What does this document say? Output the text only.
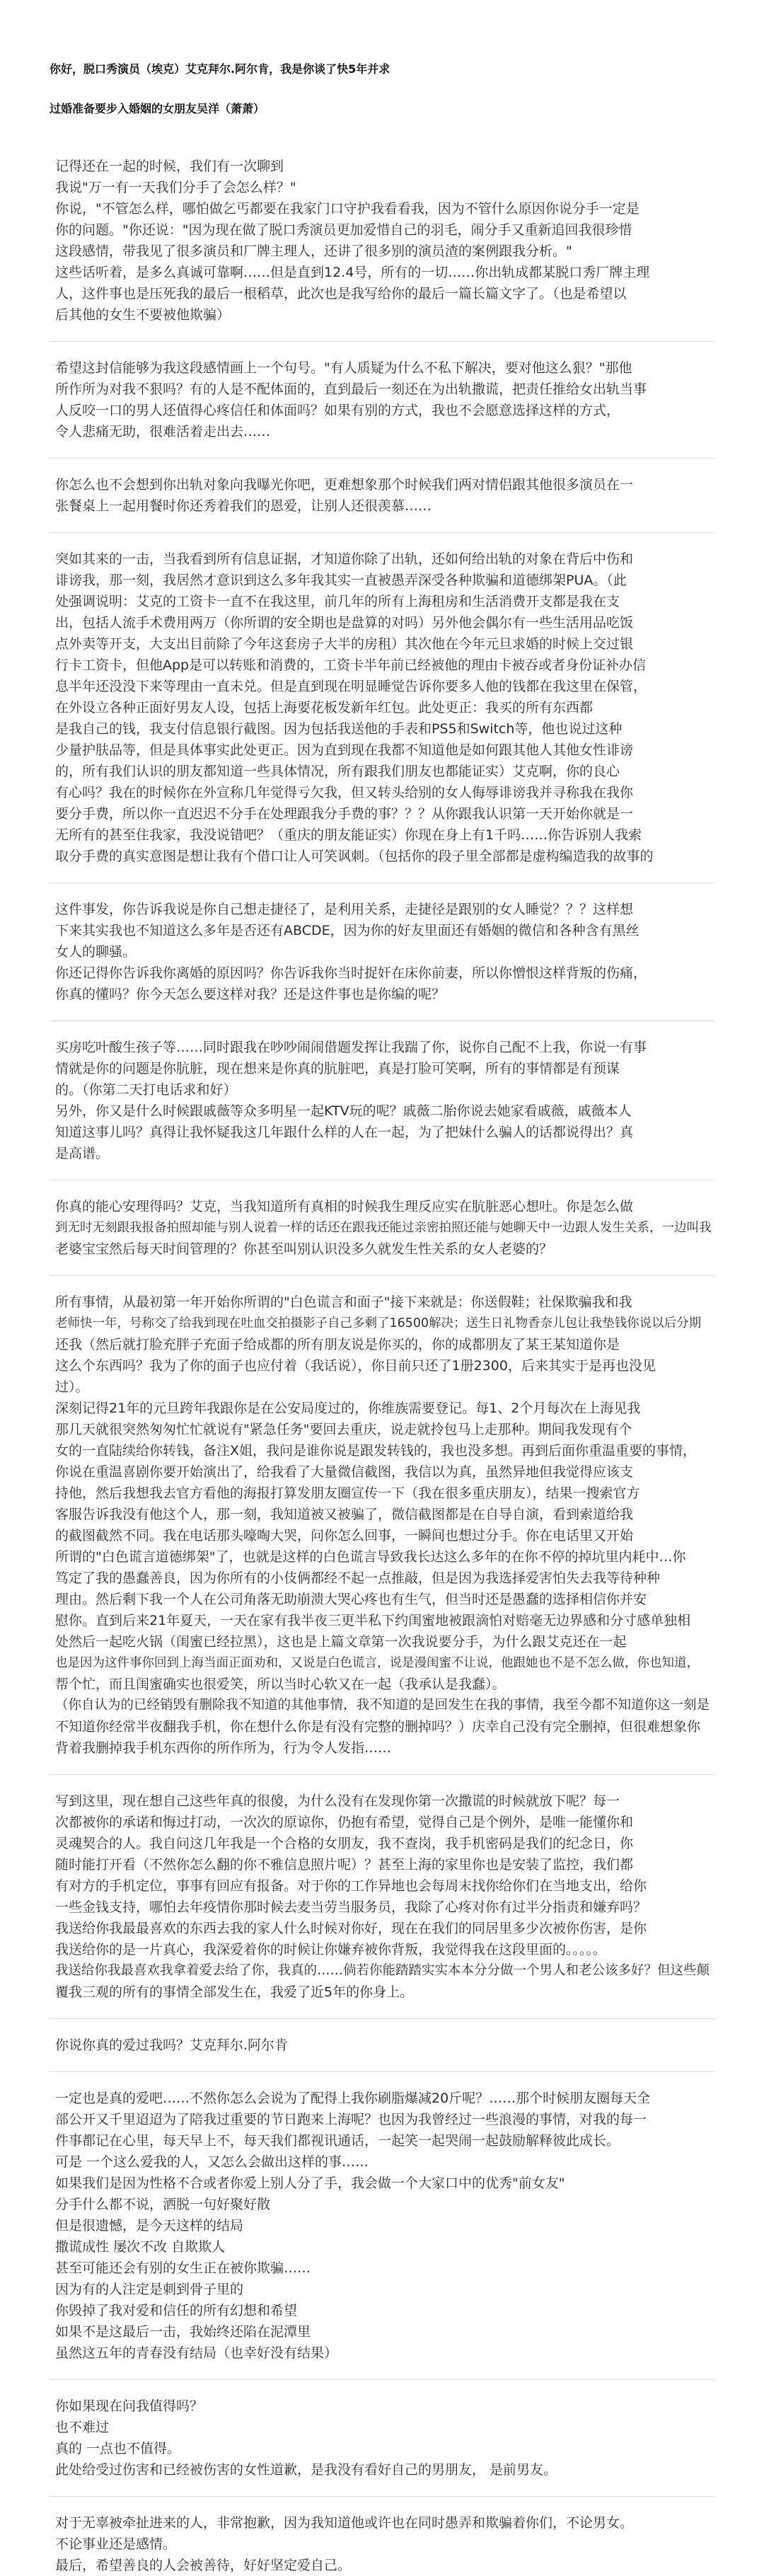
你好，脱口秀演员（埃克）艾克拜尔.阿尔肯，我是你谈了快5年并求
过婚准备要步入婚姻的女朋友吴洋（萧萧）
记得还在一起的时候，我们有一次聊到
我说"万一有一天我们分手了会怎么样？"
你说，"不管怎么样，哪怕做乞丐都要在我家门口守护我看看我，因为不管什么原因你说分手一定是
你的问题。"你还说："因为现在做了脱口秀演员更加爱惜自己的羽毛，闹分手又重新追回我很珍惜
这段感情，带我见了很多演员和厂牌主理人，还讲了很多别的演员渣的案例跟我分析。"
这些话听着，是多么真诚可靠啊……但是直到12.4号，所有的一切……你出轨成都某脱口秀厂牌主理
人，这件事也是压死我的最后一根稻草，此次也是我写给你的最后一篇长篇文字了。（也是希望以
后其他的女生不要被他欺骗）
希望这封信能够为我这段感情画上一个句号。"有人质疑为什么不私下解决，要对他这么狠？"那他
所作所为对我不狠吗？有的人是不配体面的，直到最后一刻还在为出轨撒谎，把责任推给女出轨当事
人反咬一口的男人还值得心疼信任和体面吗？如果有别的方式，我也不会愿意选择这样的方式，
令人悲痛无助，很难活着走出去……
你怎么也不会想到你出轨对象向我曝光你吧，更难想象那个时候我们两对情侣跟其他很多演员在一
张餐桌上一起用餐时你还秀着我们的恩爱，让别人还很羡慕……
突如其来的一击，当我看到所有信息证据，才知道你除了出轨，还如何给出轨的对象在背后中伤和
诽谤我，那一刻，我居然才意识到这么多年我其实一直被愚弄深受各种欺骗和道德绑架PUA。（此
处强调说明：艾克的工资卡一直不在我这里，前几年的所有上海租房和生活消费开支都是我在支
出，包括人流手术费用两万（你所谓的安全期也是盘算的对吗）另外他会偶尔有一些生活用品吃饭
点外卖等开支，大支出目前除了今年这套房子大半的房租）其次他在今年元旦求婚的时候上交过银
行卡工资卡，但他App是可以转账和消费的，工资卡半年前已经被他的理由卡被吞或者身份证补办信
息半年还没没下来等理由一直未兑。但是直到现在明显睡觉告诉你要多人他的钱都在我这里在保管，
在外设立各种正面好男友人设，包括上海要花板发新年红包。此处更正：我买的所有东西都
是我自己的钱，我支付信息银行截图。因为包括我送他的手表和PS5和Switch等，他也说过这种
少量护肤品等，但是具体事实此处更正。因为直到现在我都不知道他是如何跟其他人其他女性诽谤
的，所有我们认识的朋友都知道一些具体情况，所有跟我们朋友也都能证实）艾克啊，你的良心
有心吗？我在的时候你在外宣称几年觉得亏欠我，但又转头给别的女人侮辱诽谤我并寻称我在我你
要分手费，所以你一直迟迟不分手在处理跟我分手费的事？？？从你跟我认识第一天开始你就是一
无所有的甚至住我家，我没说错吧？（重庆的朋友能证实）你现在身上有1千吗……你告诉别人我索
取分手费的真实意图是想让我有个借口让人可笑讽刺。（包括你的段子里全部都是虚构编造我的故事的
这件事发，你告诉我说是你自己想走捷径了，是利用关系，走捷径是跟别的女人睡觉？？？这样想
下来其实我也不知道这么多年是否还有ABCDE，因为你的好友里面还有婚姻的微信和各种含有黑丝
女人的聊骚。
你还记得你告诉我你离婚的原因吗？你告诉我你当时捉奸在床你前妻，所以你憎恨这样背叛的伤痛，
你真的懂吗？你今天怎么要这样对我？还是这件事也是你编的呢？
买房吃叶酸生孩子等……同时跟我在吵吵闹闹借题发挥让我踹了你，说你自己配不上我，你说一有事
情就是你的问题是你肮脏，现在想来是你真的肮脏吧，真是打脸可笑啊，所有的事情都是有预谋
的。（你第二天打电话求和好）
另外，你又是什么时候跟戚薇等众多明星一起KTV玩的呢？戚薇二胎你说去她家看戚薇，戚薇本人
知道这事儿吗？真得让我怀疑我这几年跟什么样的人在一起，为了把妹什么骗人的话都说得出？真
是高谱。
你真的能心安理得吗？艾克，当我知道所有真相的时候我生理反应实在肮脏恶心想吐。你是怎么做
到无时无刻跟我报备拍照却能与别人说着一样的话还在跟我还能过亲密拍照还能与她聊天中一边跟人发生关系，一边叫我
老婆宝宝然后每天时间管理的？你甚至叫别认识没多久就发生性关系的女人老婆的？
所有事情，从最初第一年开始你所谓的"白色谎言和面子"接下来就是：你送假鞋；社保欺骗我和我
老师快一年，号称交了给我到现在吐血交拍摄影子自己多剩了16500解决；送生日礼物香奈儿包让我垫钱你说以后分期
还我（然后就打脸充胖子充面子给成都的所有朋友说是你买的，你的成都朋友了某王某知道你是
这么个东西吗？我为了你的面子也应付着（我话说），你目前只还了1册2300，后来其实于是再也没见
过）。
深刻记得21年的元旦跨年我跟你是在公安局度过的，你维族需要登记。每1、2个月每次在上海见我
那几天就很突然匆匆忙忙就说有"紧急任务"要回去重庆，说走就拎包马上走那种。期间我发现有个
女的一直陆续给你转钱，备注X姐，我问是谁你说是跟发转钱的，我也没多想。再到后面你重温重要的事情，
你说在重温喜剧你要开始演出了，给我看了大量微信截图，我信以为真，虽然异地但我觉得应该支
持他，然后我想我去官方看他的海报打算发朋友圈宣传一下（我在很多重庆朋友），结果一搜索官方
客服告诉我没有他这个人，那一刻，我知道被又被骗了，微信截图都是在自导自演，看到索道给我
的截图截然不同。我在电话那头嚎啕大哭，问你怎么回事，一瞬间也想过分手。你在电话里又开始
所谓的"白色谎言道德绑架"了，也就是这样的白色谎言导致我长达这么多年的在你不停的掉坑里内耗中…你
笃定了我的愚蠢善良，因为你所有的小伎俩都经不起一点推敲，但是因为我选择爱害怕失去我等待种种
理由。然后剩下我一个人在公司角落无助崩溃大哭心疼也有生气，但当时还是愚蠢的选择相信你并安
慰你。直到后来21年夏天，一天在家有我半夜三更半私下约闺蜜地被跟滴怕对赔毫无边界感和分寸感单独相
处然后一起吃火锅（闺蜜已经拉黑），这也是上篇文章第一次我说要分手，为什么跟艾克还在一起
也是因为这件事你回到上海当面正面劝和，又说是白色谎言，说是漫闺蜜不让说，他跟她也不是不怎么做，你也知道，
帮个忙，而且闺蜜确实也很爱笑，所以当时心软又在一起（我承认是我蠢）。
（你自认为的已经销毁有删除我不知道的其他事情，我不知道的是回发生在我的事情，我至今都不知道你这一刻是
不知道你经常半夜翻我手机，你在想什么你是有没有完整的删掉吗？）庆幸自己没有完全删掉，但很难想象你
背着我删掉我手机东西你的所作所为，行为令人发指……
写到这里，现在想自己这些年真的很傻，为什么没有在发现你第一次撒谎的时候就放下呢？每一
次都被你的承诺和悔过打动，一次次的原谅你，仍抱有希望，觉得自己是个例外，是唯一能懂你和
灵魂契合的人。我自问这几年我是一个合格的女朋友，我不查岗，我手机密码是我们的纪念日，你
随时能打开看（不然你怎么翻的你不雅信息照片呢）？甚至上海的家里你也是安装了监控，我们都
有对方的手机定位，事事有回应有报备。对于你的工作异地也会每周末找你给你们在当地支出，给你
一些金钱支持，哪怕去年疫情你那时候去麦当劳当服务员，我除了心疼对你有过半分指责和嫌弃吗？
我送给你我最最喜欢的东西去我的家人什么时候对你好，现在在我们的同居里多少次被你伤害，是你
我送给你的是一片真心，我深爱着你的时候让你嫌弃被你背叛，我觉得我在这段里面的。。。。。
我送给你我最喜欢我拿着爱去给了你，我真的……倘若你能踏踏实实本本分分做一个男人和老公该多好？但这些颠
覆我三观的所有的事情全部发生在，我爱了近5年的你身上。
你说你真的爱过我吗？艾克拜尔.阿尔肯
一定也是真的爱吧……不然你怎么会说为了配得上我你刷脂爆减20斤呢？……那个时候朋友圈每天全
部公开又千里迢迢为了陪我过重要的节日跑来上海呢？也因为我曾经过一些浪漫的事情，对我的每一
件事都记在心里，每天早上不，每天我们都视讯通话，一起笑一起哭闹一起鼓励解释彼此成长。
可是 一个这么爱我的人，又怎么会做出这样的事……
如果我们是因为性格不合或者你爱上别人分了手，我会做一个大家口中的优秀"前女友"
分手什么都不说，洒脱一句好聚好散
但是很遗憾，是今天这样的结局
撒谎成性 屡次不改 自欺欺人
甚至可能还会有别的女生正在被你欺骗……
因为有的人注定是刺到骨子里的
你毁掉了我对爱和信任的所有幻想和希望
如果不是这最后一击，我始终还陷在泥潭里
虽然这五年的青春没有结局（也幸好没有结果）
你如果现在问我值得吗？
也不难过
真的 一点也不值得。
此处给受过伤害和已经被伤害的女性道歉，是我没有看好自己的男朋友， 是前男友。
对于无辜被牵扯进来的人，非常抱歉，因为我知道他或许也在同时愚弄和欺骗着你们，不论男女。
不论事业还是感情。
最后，希望善良的人会被善待，好好坚定爱自己。
